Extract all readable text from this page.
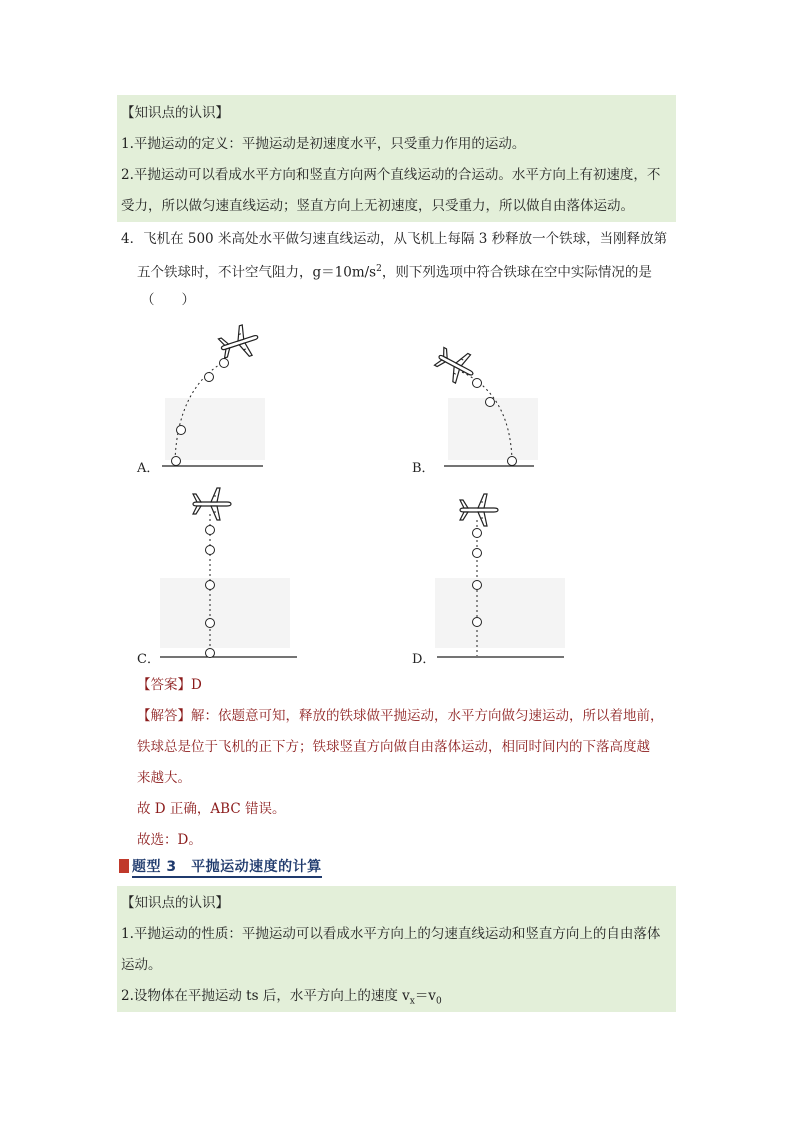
【知识点的认识】
1.平抛运动的定义：平抛运动是初速度水平，只受重力作用的运动。
2.平抛运动可以看成水平方向和竖直方向两个直线运动的合运动。水平方向上有初速度，不
受力，所以做匀速直线运动；竖直方向上无初速度，只受重力，所以做自由落体运动。
4．飞机在 500 米高处水平做匀速直线运动，从飞机上每隔 3 秒释放一个铁球，当刚释放第
五个铁球时，不计空气阻力，$g=10m/s^2$，则下列选项中符合铁球在空中实际情况的是
（　　）
A．	B．
C．	D．
【答案】D
【解答】解：依题意可知，释放的铁球做平抛运动，水平方向做匀速运动，所以着地前，
铁球总是位于飞机的正下方；铁球竖直方向做自由落体运动，相同时间内的下落高度越
来越大。
故 D 正确，ABC 错误。
故选：D。
题型 3　平抛运动速度的计算
【知识点的认识】
1.平抛运动的性质：平抛运动可以看成水平方向上的匀速直线运动和竖直方向上的自由落体
运动。
2.设物体在平抛运动 ts 后，水平方向上的速度 $v_x=v_0$
